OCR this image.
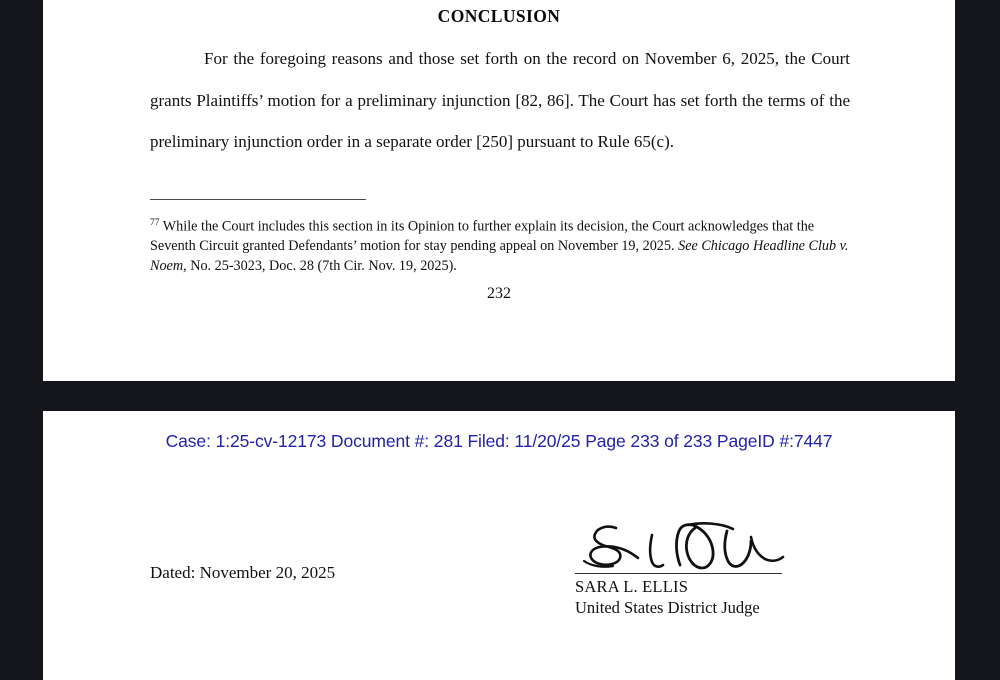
CONCLUSION
For the foregoing reasons and those set forth on the record on November 6, 2025, the Court grants Plaintiffs’ motion for a preliminary injunction [82, 86]. The Court has set forth the terms of the preliminary injunction order in a separate order [250] pursuant to Rule 65(c).
$^{77}$ While the Court includes this section in its Opinion to further explain its decision, the Court acknowledges that the Seventh Circuit granted Defendants’ motion for stay pending appeal on November 19, 2025. See Chicago Headline Club v. Noem, No. 25-3023, Doc. 28 (7th Cir. Nov. 19, 2025).
232
Case: 1:25-cv-12173 Document #: 281 Filed: 11/20/25 Page 233 of 233 PageID #:7447
Dated: November 20, 2025
SARA L. ELLIS
United States District Judge
